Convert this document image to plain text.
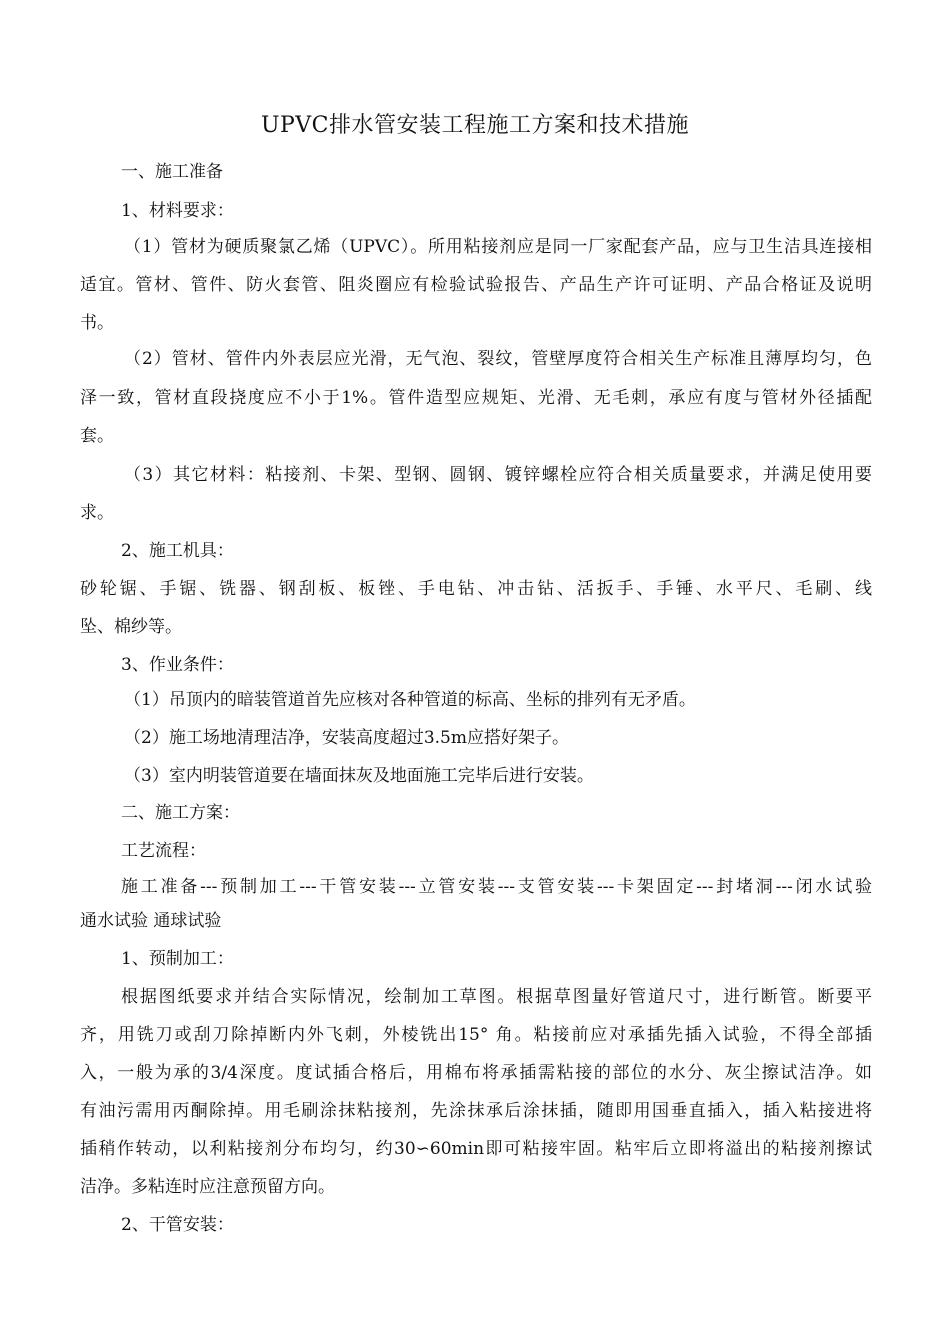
UPVC排水管安装工程施工方案和技术措施
一、施工准备
1、材料要求：
（1）管材为硬质聚氯乙烯（UPVC）。所用粘接剂应是同一厂家配套产品，应与卫生洁具连接相
适宜。管材、管件、防火套管、阻炎圈应有检验试验报告、产品生产许可证明、产品合格证及说明
书。
（2）管材、管件内外表层应光滑，无气泡、裂纹，管壁厚度符合相关生产标准且薄厚均匀，色
泽一致，管材直段挠度应不小于1%。管件造型应规矩、光滑、无毛刺，承应有度与管材外径插配
套。
（3）其它材料：粘接剂、卡架、型钢、圆钢、镀锌螺栓应符合相关质量要求，并满足使用要
求。
2、施工机具：
砂轮锯、手锯、铣器、钢刮板、板锉、手电钻、冲击钻、活扳手、手锤、水平尺、毛刷、线
坠、棉纱等。
3、作业条件：
（1）吊顶内的暗装管道首先应核对各种管道的标高、坐标的排列有无矛盾。
（2）施工场地清理洁净，安装高度超过3.5m应搭好架子。
（3）室内明装管道要在墙面抹灰及地面施工完毕后进行安装。
二、施工方案：
工艺流程：
施工准备---预制加工---干管安装---立管安装---支管安装---卡架固定---封堵洞---闭水试验
通水试验 通球试验
1、预制加工：
根据图纸要求并结合实际情况，绘制加工草图。根据草图量好管道尺寸，进行断管。断要平
齐，用铣刀或刮刀除掉断内外飞刺，外棱铣出15° 角。粘接前应对承插先插入试验，不得全部插
入，一般为承的3/4深度。度试插合格后，用棉布将承插需粘接的部位的水分、灰尘擦试洁净。如
有油污需用丙酮除掉。用毛刷涂抹粘接剂，先涂抹承后涂抹插，随即用国垂直插入，插入粘接进将
插稍作转动，以利粘接剂分布均匀，约30∽60min即可粘接牢固。粘牢后立即将溢出的粘接剂擦试
洁净。多粘连时应注意预留方向。
2、干管安装：
